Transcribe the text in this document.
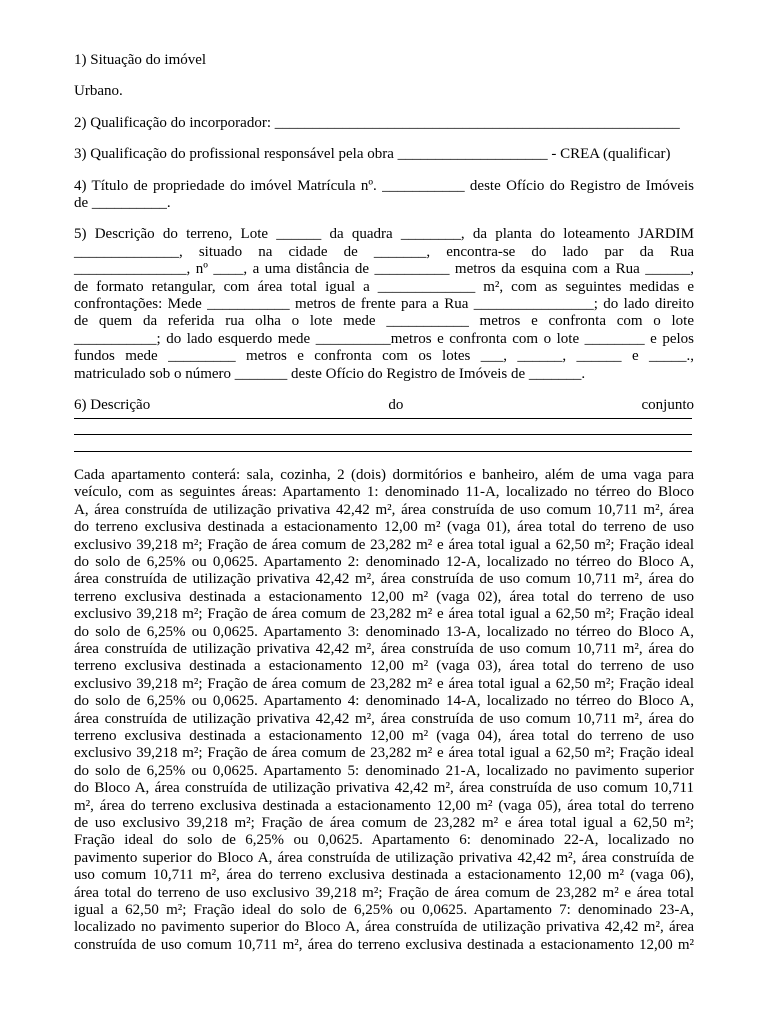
1) Situação do imóvel

Urbano.

2) Qualificação do incorporador: ______________________________________________________

3) Qualificação do profissional responsável pela obra ____________________ - CREA (qualificar)

4) Título de propriedade do imóvel Matrícula nº. ___________ deste Ofício do Registro de Imóveis
de __________.
5) Descrição do terreno, Lote ______ da quadra ________, da planta do loteamento JARDIM
______________, situado na cidade de _______, encontra-se do lado par da Rua
_______________, nº ____, a uma distância de __________ metros da esquina com a Rua ______,
de formato retangular, com área total igual a _____________ m², com as seguintes medidas e
confrontações: Mede ___________ metros de frente para a Rua ________________; do lado direito
de quem da referida rua olha o lote mede ___________ metros e confronta com o lote
___________; do lado esquerdo mede __________metros e confronta com o lote ________ e pelos
fundos mede _________ metros e confronta com os lotes ___, ______, ______ e _____.,
matriculado sob o número _______ deste Ofício do Registro de Imóveis de _______.
6) Descrição	do	conjunto
Cada apartamento conterá: sala, cozinha, 2 (dois) dormitórios e banheiro, além de uma vaga para
veículo, com as seguintes áreas: Apartamento 1: denominado 11-A, localizado no térreo do Bloco
A, área construída de utilização privativa 42,42 m², área construída de uso comum 10,711 m², área
do terreno exclusiva destinada a estacionamento 12,00 m² (vaga 01), área total do terreno de uso
exclusivo 39,218 m²; Fração de área comum de 23,282 m² e área total igual a 62,50 m²; Fração ideal
do solo de 6,25% ou 0,0625. Apartamento 2: denominado 12-A, localizado no térreo do Bloco A,
área construída de utilização privativa 42,42 m², área construída de uso comum 10,711 m², área do
terreno exclusiva destinada a estacionamento 12,00 m² (vaga 02), área total do terreno de uso
exclusivo 39,218 m²; Fração de área comum de 23,282 m² e área total igual a 62,50 m²; Fração ideal
do solo de 6,25% ou 0,0625. Apartamento 3: denominado 13-A, localizado no térreo do Bloco A,
área construída de utilização privativa 42,42 m², área construída de uso comum 10,711 m², área do
terreno exclusiva destinada a estacionamento 12,00 m² (vaga 03), área total do terreno de uso
exclusivo 39,218 m²; Fração de área comum de 23,282 m² e área total igual a 62,50 m²; Fração ideal
do solo de 6,25% ou 0,0625. Apartamento 4: denominado 14-A, localizado no térreo do Bloco A,
área construída de utilização privativa 42,42 m², área construída de uso comum 10,711 m², área do
terreno exclusiva destinada a estacionamento 12,00 m² (vaga 04), área total do terreno de uso
exclusivo 39,218 m²; Fração de área comum de 23,282 m² e área total igual a 62,50 m²; Fração ideal
do solo de 6,25% ou 0,0625. Apartamento 5: denominado 21-A, localizado no pavimento superior
do Bloco A, área construída de utilização privativa 42,42 m², área construída de uso comum 10,711
m², área do terreno exclusiva destinada a estacionamento 12,00 m² (vaga 05), área total do terreno
de uso exclusivo 39,218 m²; Fração de área comum de 23,282 m² e área total igual a 62,50 m²;
Fração ideal do solo de 6,25% ou 0,0625. Apartamento 6: denominado 22-A, localizado no
pavimento superior do Bloco A, área construída de utilização privativa 42,42 m², área construída de
uso comum 10,711 m², área do terreno exclusiva destinada a estacionamento 12,00 m² (vaga 06),
área total do terreno de uso exclusivo 39,218 m²; Fração de área comum de 23,282 m² e área total
igual a 62,50 m²; Fração ideal do solo de 6,25% ou 0,0625. Apartamento 7: denominado 23-A,
localizado no pavimento superior do Bloco A, área construída de utilização privativa 42,42 m², área
construída de uso comum 10,711 m², área do terreno exclusiva destinada a estacionamento 12,00 m²
